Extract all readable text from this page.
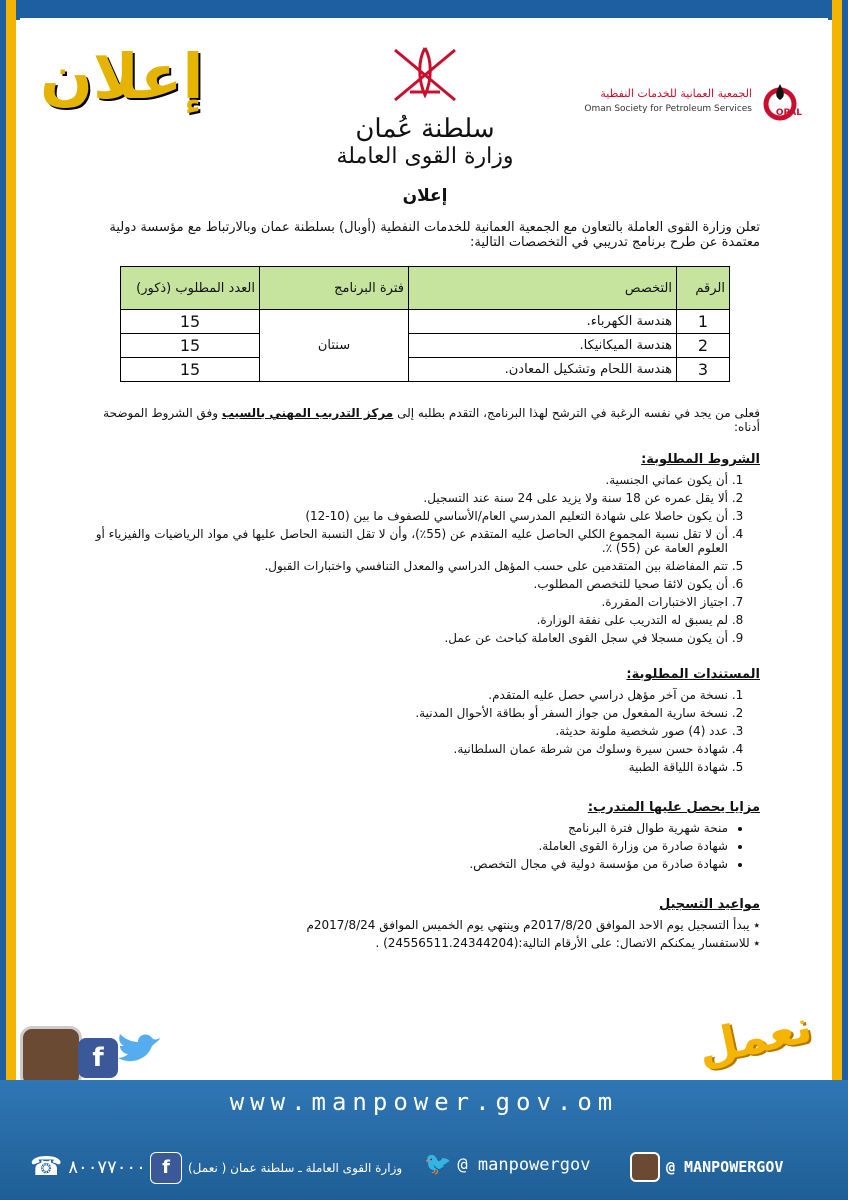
إعلان
سلطنة عُمان
وزارة القوى العاملة
الجمعية العمانية للخدمات النفطية
Oman Society for Petroleum Services	OPAL
إعلان
تعلن وزارة القوى العاملة بالتعاون مع الجمعية العمانية للخدمات النفطية (أوبال) بسلطنة عمان وبالارتباط مع مؤسسة دولية
معتمدة عن طرح برنامج تدريبي في التخصصات التالية:
الرقم	التخصص	فترة البرنامج	العدد المطلوب (ذكور)
1	هندسة الكهرباء.	سنتان	15
2	هندسة الميكانيكا.		15
3	هندسة اللحام وتشكيل المعادن.		15
فعلى من يجد في نفسه الرغبة في الترشح لهذا البرنامج، التقدم بطلبه إلى مركز التدريب المهني بالسيب وفق الشروط الموضحة أدناه:
الشروط المطلوبة:
1. أن يكون عماني الجنسية.
2. ألا يقل عمره عن 18 سنة ولا يزيد على 24 سنة عند التسجيل.
3. أن يكون حاصلا على شهادة التعليم المدرسي العام/الأساسي للصفوف ما بين (10-12)
4. أن لا تقل نسبة المجموع الكلي الحاصل عليه المتقدم عن (55٪)، وأن لا تقل النسبة الحاصل عليها في مواد الرياضيات والفيزياء أو العلوم العامة عن (55) ٪.
5. تتم المفاضلة بين المتقدمين على حسب المؤهل الدراسي والمعدل التنافسي واختبارات القبول.
6. أن يكون لائقا صحيا للتخصص المطلوب.
7. اجتياز الاختبارات المقررة.
8. لم يسبق له التدريب على نفقة الوزارة.
9. أن يكون مسجلا في سجل القوى العاملة كباحث عن عمل.
المستندات المطلوبة:
1. نسخة من آخر مؤهل دراسي حصل عليه المتقدم.
2. نسخة سارية المفعول من جواز السفر أو بطاقة الأحوال المدنية.
3. عدد (4) صور شخصية ملونة حديثة.
4. شهادة حسن سيرة وسلوك من شرطة عمان السلطانية.
5. شهادة اللياقة الطبية
مزايا يحصل عليها المتدرب:
• منحة شهرية طوال فترة البرنامج
• شهادة صادرة من وزارة القوى العاملة.
• شهادة صادرة من مؤسسة دولية في مجال التخصص.
مواعيد التسجيل
٭ يبدأ التسجيل يوم الاحد الموافق 2017/8/20م وينتهي يوم الخميس الموافق 2017/8/24م
٭ للاستفسار يمكنكم الاتصال: على الأرقام التالية:(24556511.24344204) .
f	نعمل
www.manpower.gov.om
☎ ٨٠٠٧٧٠٠٠ f	وزارة القوى العاملة ـ سلطنة عمان ( نعمل) 🐦 @ manpowergov	@ MANPOWERGOV
